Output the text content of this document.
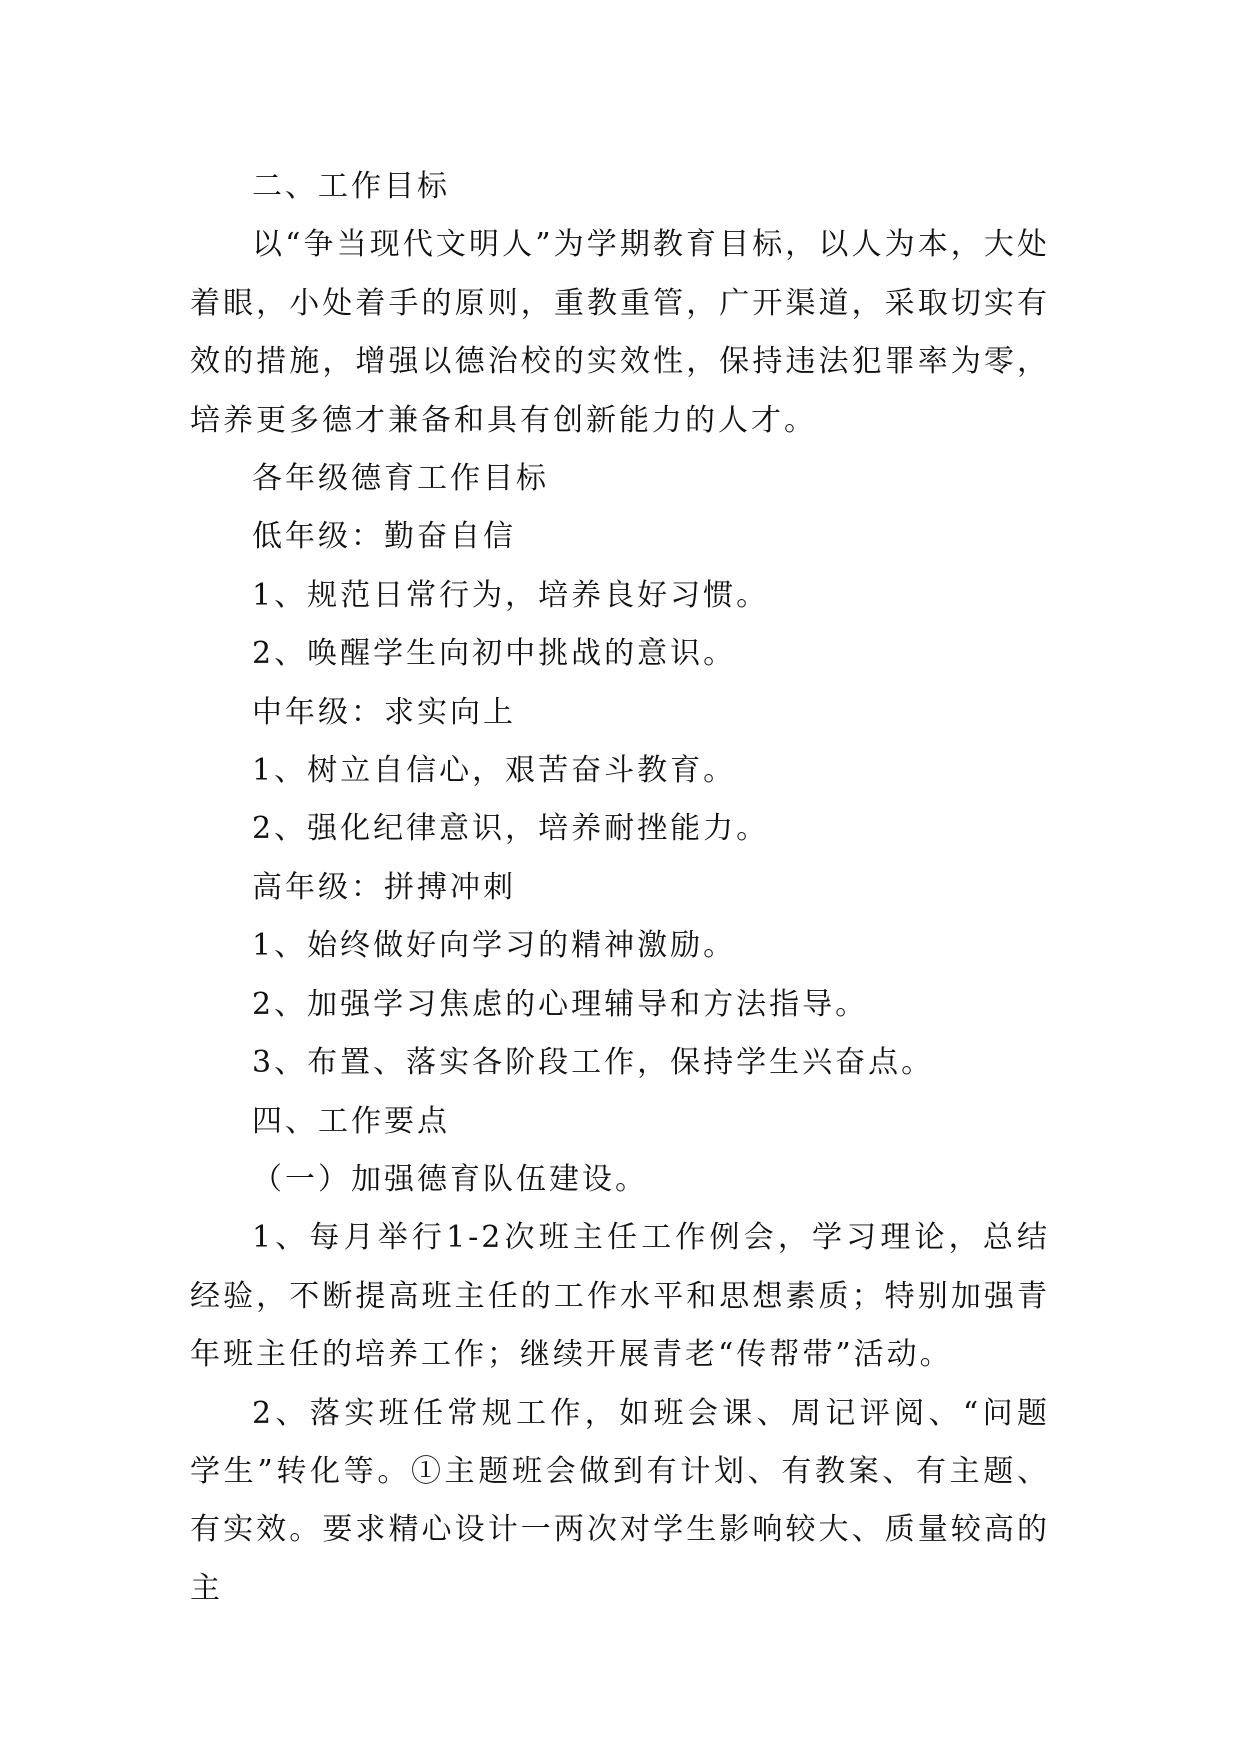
二、工作目标

以“争当现代文明人”为学期教育目标，以人为本，大处着眼，小处着手的原则，重教重管，广开渠道，采取切实有效的措施，增强以德治校的实效性，保持违法犯罪率为零，培养更多德才兼备和具有创新能力的人才。

各年级德育工作目标

低年级：勤奋自信

1、规范日常行为，培养良好习惯。

2、唤醒学生向初中挑战的意识。

中年级：求实向上

1、树立自信心，艰苦奋斗教育。

2、强化纪律意识，培养耐挫能力。

高年级：拼搏冲刺

1、始终做好向学习的精神激励。

2、加强学习焦虑的心理辅导和方法指导。

3、布置、落实各阶段工作，保持学生兴奋点。

四、工作要点

（一）加强德育队伍建设。

1、每月举行1-2次班主任工作例会，学习理论，总结经验，不断提高班主任的工作水平和思想素质；特别加强青年班主任的培养工作；继续开展青老“传帮带”活动。

2、落实班任常规工作，如班会课、周记评阅、“问题学生”转化等。①主题班会做到有计划、有教案、有主题、有实效。要求精心设计一两次对学生影响较大、质量较高的主
